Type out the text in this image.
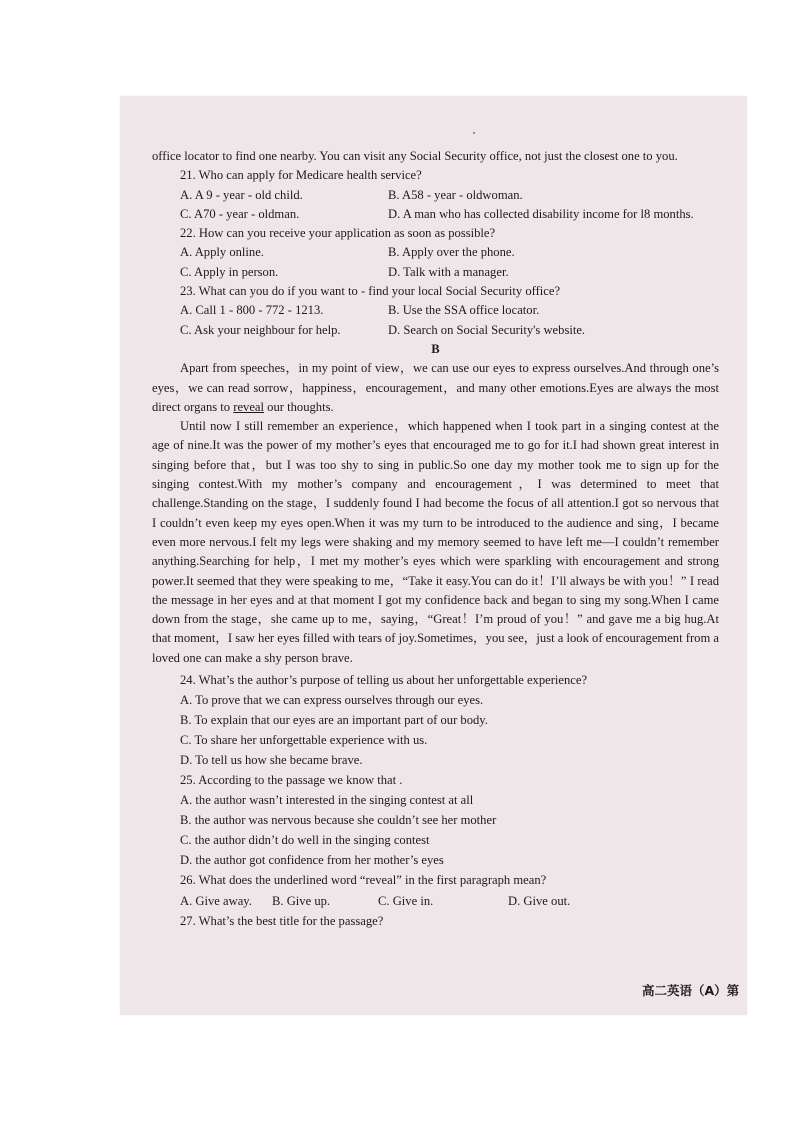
office locator to find one nearby. You can visit any Social Security office, not just the closest one to you.

21. Who can apply for Medicare health service?

A. A 9 - year - old child.	B. A58 - year - oldwoman.
C. A70 - year - oldman.	D. A man who has collected disability income for l8 months.

22. How can you receive your application as soon as possible?

A. Apply online.	B. Apply over the phone.
C. Apply in person.	D. Talk with a manager.

23. What can you do if you want to - find your local Social Security office?

A. Call 1 - 800 - 772 - 1213.	B. Use the SSA office locator.
C. Ask your neighbour for help.	D. Search on Social Security's website.

B

Apart from speeches，in my point of view，we can use our eyes to express ourselves.And through one’s eyes，we can read sorrow，happiness，encouragement，and many other emotions.Eyes are always the most direct organs to reveal our thoughts.

Until now I still remember an experience，which happened when I took part in a singing contest at the age of nine.It was the power of my mother’s eyes that encouraged me to go for it.I had shown great interest in singing before that，but I was too shy to sing in public.So one day my mother took me to sign up for the singing contest.With my mother’s company and encouragement，I was determined to meet that challenge.Standing on the stage，I suddenly found I had become the focus of all attention.I got so nervous that I couldn’t even keep my eyes open.When it was my turn to be introduced to the audience and sing，I became even more nervous.I felt my legs were shaking and my memory seemed to have left me—I couldn’t remember anything.Searching for help，I met my mother’s eyes which were sparkling with encouragement and strong power.It seemed that they were speaking to me，“Take it easy.You can do it！I’ll always be with you！” I read the message in her eyes and at that moment I got my confidence back and began to sing my song.When I came down from the stage，she came up to me，saying，“Great！I’m proud of you！” and gave me a big hug.At that moment，I saw her eyes filled with tears of joy.Sometimes，you see，just a look of encouragement from a loved one can make a shy person brave.

24. What’s the author’s purpose of telling us about her unforgettable experience?

A. To prove that we can express ourselves through our eyes.

B. To explain that our eyes are an important part of our body.

C. To share her unforgettable experience with us.

D. To tell us how she became brave.

25. According to the passage we know that .

A. the author wasn’t interested in the singing contest at all

B. the author was nervous because she couldn’t see her mother

C. the author didn’t do well in the singing contest

D. the author got confidence from her mother’s eyes

26. What does the underlined word “reveal” in the first paragraph mean?

A. Give away.	B. Give up.	C. Give in.	D. Give out.

27. What’s the best title for the passage?

高二英语（A）第
